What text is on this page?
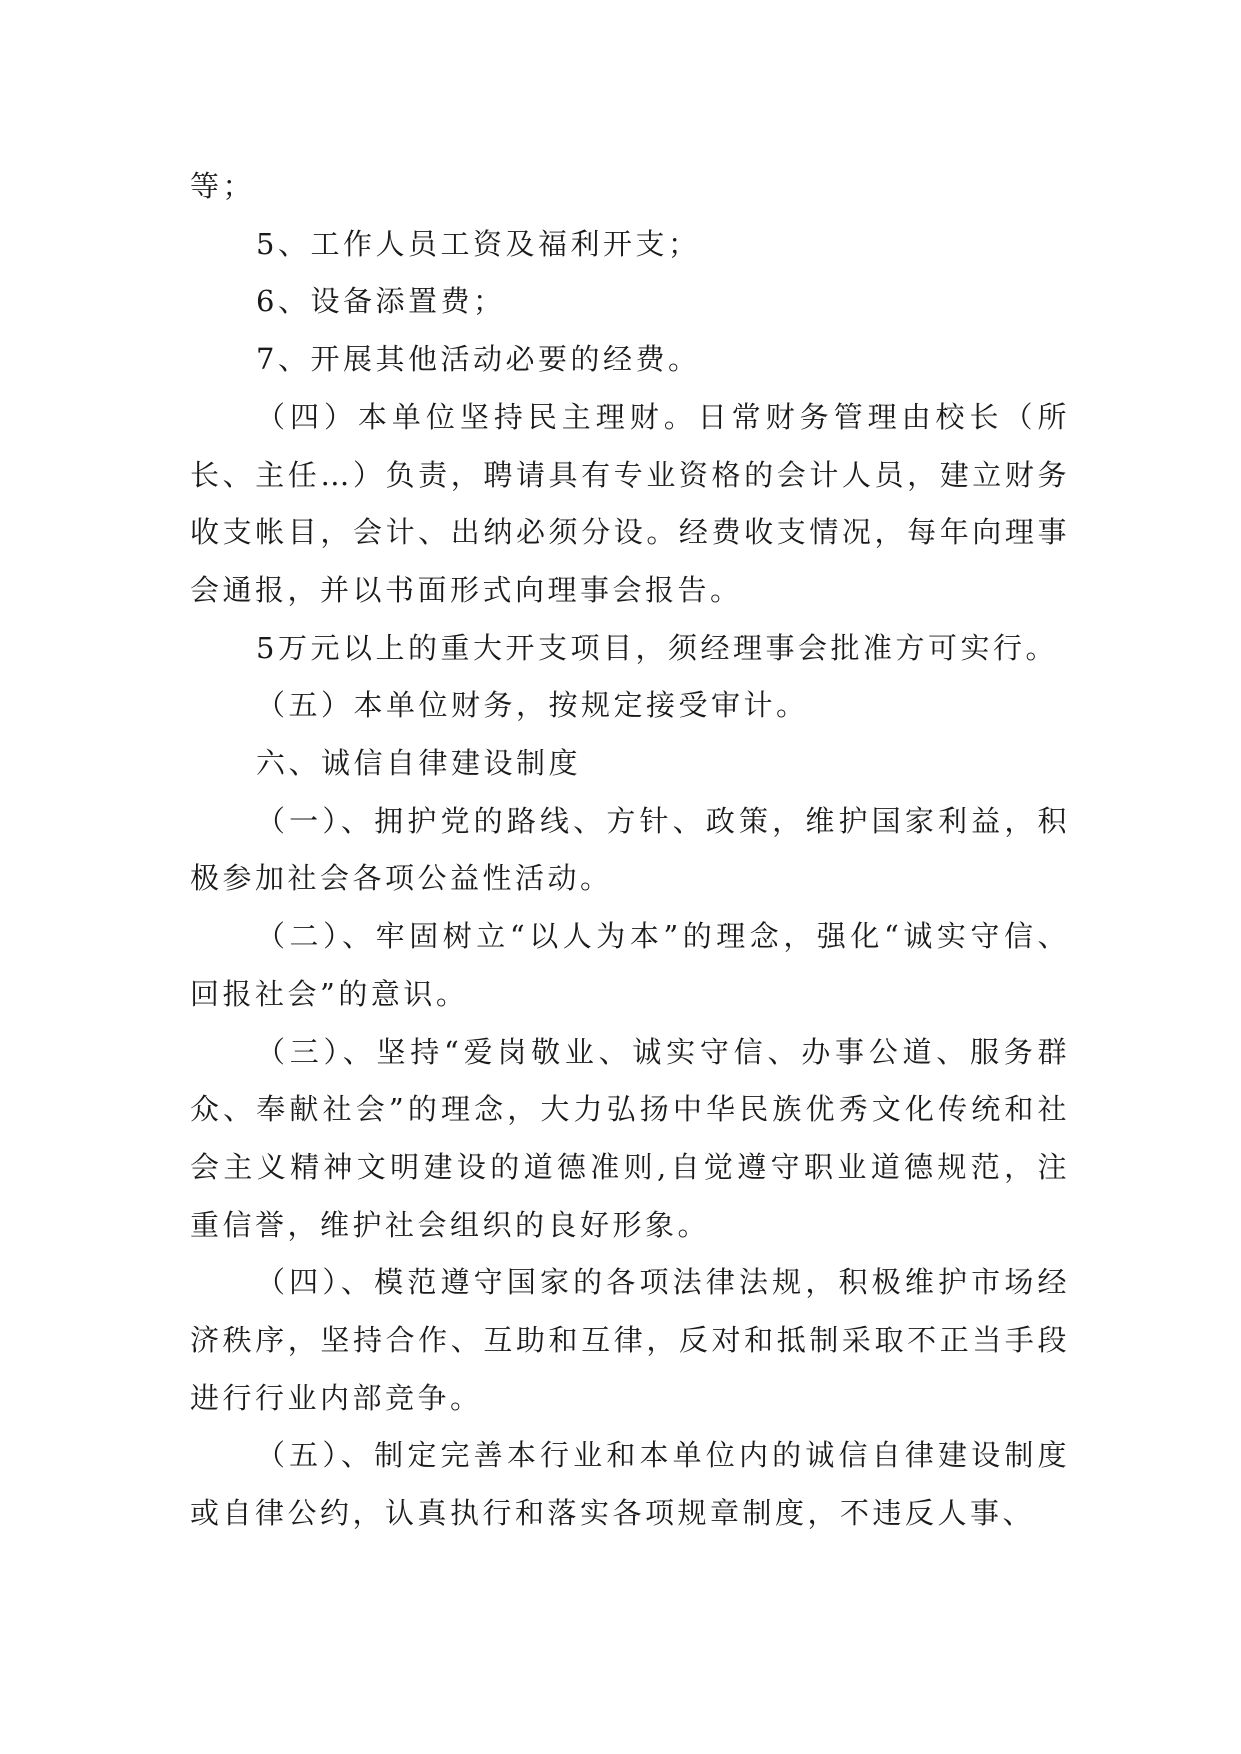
等；

5、工作人员工资及福利开支；

6、设备添置费；

7、开展其他活动必要的经费。

（四）本单位坚持民主理财。日常财务管理由校长（所长、主任…）负责，聘请具有专业资格的会计人员，建立财务收支帐目，会计、出纳必须分设。经费收支情况，每年向理事会通报，并以书面形式向理事会报告。

5万元以上的重大开支项目，须经理事会批准方可实行。

（五）本单位财务，按规定接受审计。

六、诚信自律建设制度

（一）、拥护党的路线、方针、政策，维护国家利益，积极参加社会各项公益性活动。

（二）、牢固树立“以人为本”的理念，强化“诚实守信、回报社会”的意识。

（三）、坚持“爱岗敬业、诚实守信、办事公道、服务群众、奉献社会”的理念，大力弘扬中华民族优秀文化传统和社会主义精神文明建设的道德准则,自觉遵守职业道德规范，注重信誉，维护社会组织的良好形象。

（四）、模范遵守国家的各项法律法规，积极维护市场经济秩序，坚持合作、互助和互律，反对和抵制采取不正当手段进行行业内部竞争。

（五）、制定完善本行业和本单位内的诚信自律建设制度或自律公约，认真执行和落实各项规章制度，不违反人事、
